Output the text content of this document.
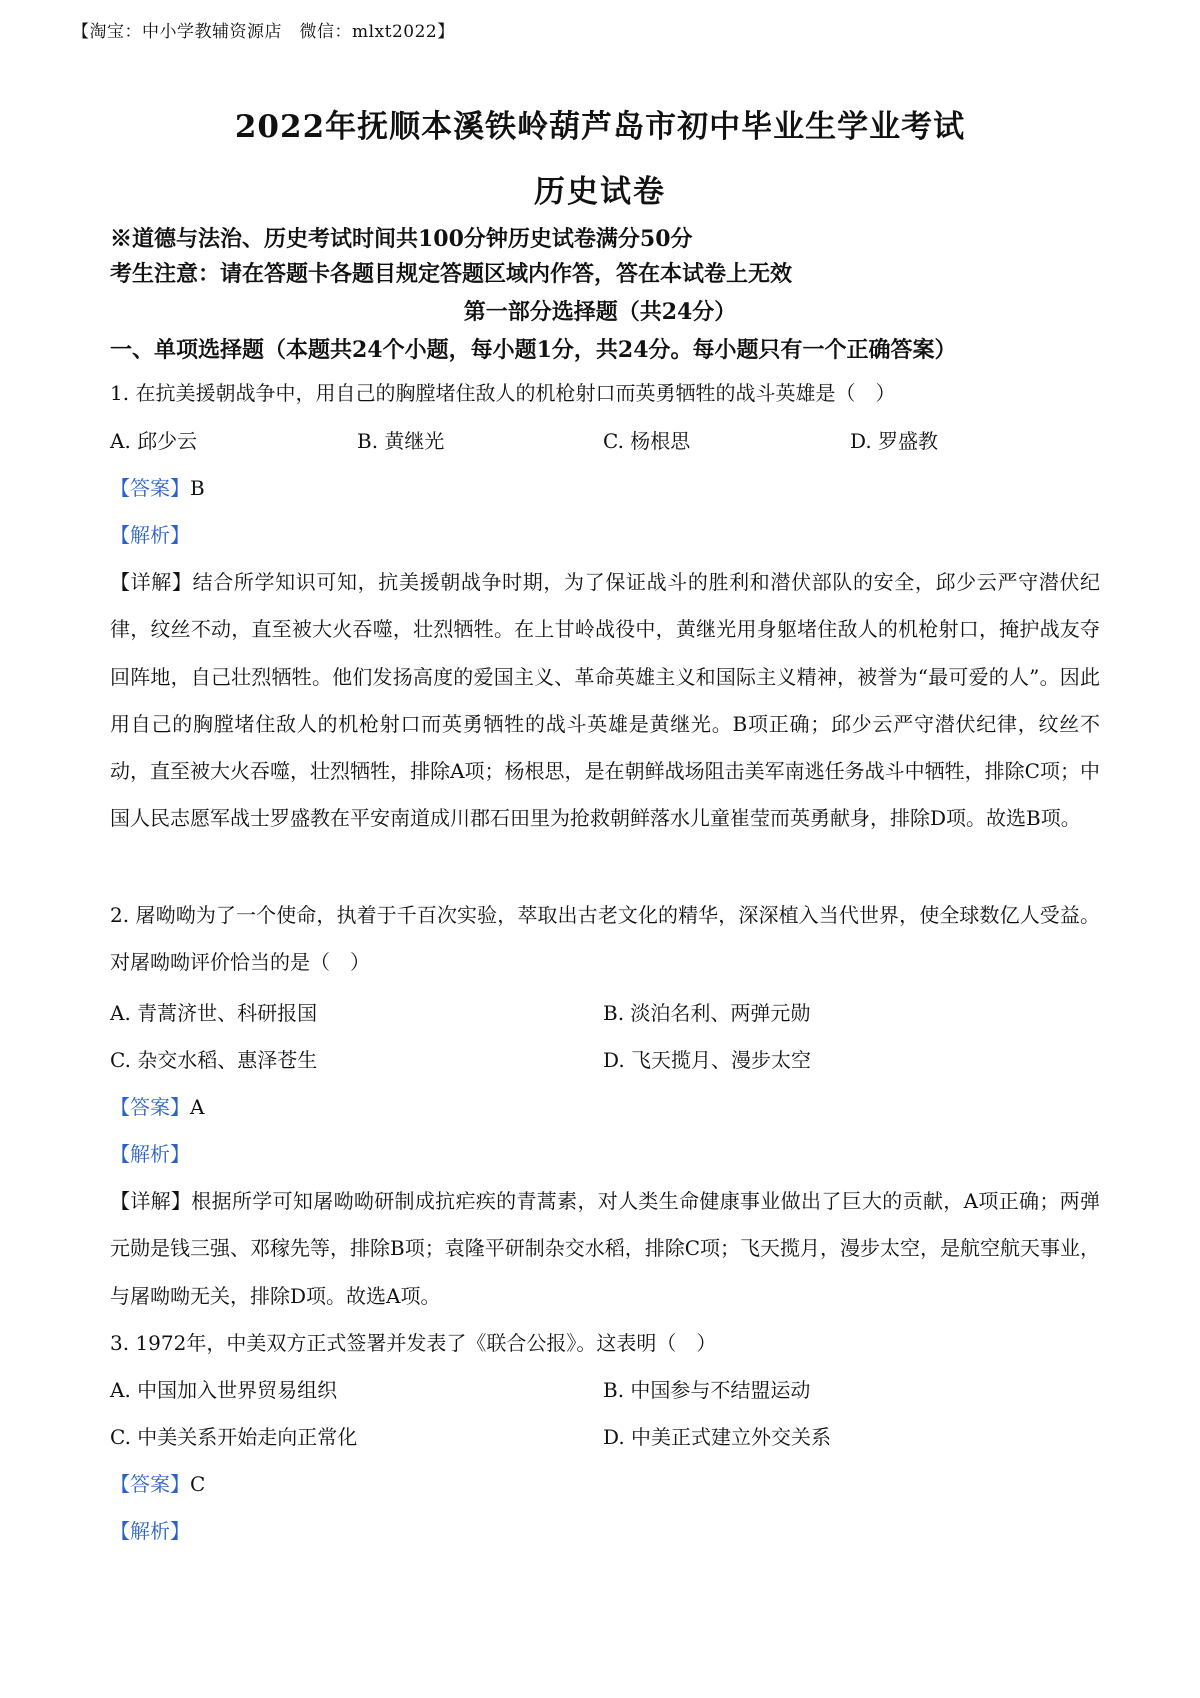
【淘宝：中小学教辅资源店　微信：mlxt2022】
2022年抚顺本溪铁岭葫芦岛市初中毕业生学业考试
历史试卷
※道德与法治、历史考试时间共100分钟历史试卷满分50分
考生注意：请在答题卡各题目规定答题区域内作答，答在本试卷上无效
第一部分选择题（共24分）
一、单项选择题（本题共24个小题，每小题1分，共24分。每小题只有一个正确答案）
1. 在抗美援朝战争中，用自己的胸膛堵住敌人的机枪射口而英勇牺牲的战斗英雄是（　）
A. 邱少云	B. 黄继光	C. 杨根思	D. 罗盛教
【答案】B
【解析】

【详解】结合所学知识可知，抗美援朝战争时期，为了保证战斗的胜利和潜伏部队的安全，邱少云严守潜伏纪律，纹丝不动，直至被大火吞噬，壮烈牺牲。在上甘岭战役中，黄继光用身躯堵住敌人的机枪射口，掩护战友夺回阵地，自己壮烈牺牲。他们发扬高度的爱国主义、革命英雄主义和国际主义精神，被誉为“最可爱的人”。因此用自己的胸膛堵住敌人的机枪射口而英勇牺牲的战斗英雄是黄继光。B项正确；邱少云严守潜伏纪律，纹丝不动，直至被大火吞噬，壮烈牺牲，排除A项；杨根思，是在朝鲜战场阻击美军南逃任务战斗中牺牲，排除C项；中国人民志愿军战士罗盛教在平安南道成川郡石田里为抢救朝鲜落水儿童崔莹而英勇献身，排除D项。故选B项。

2. 屠呦呦为了一个使命，执着于千百次实验，萃取出古老文化的精华，深深植入当代世界，使全球数亿人受益。对屠呦呦评价恰当的是（　）

A. 青蒿济世、科研报国	B. 淡泊名利、两弹元勋
C. 杂交水稻、惠泽苍生	D. 飞天揽月、漫步太空
【答案】A
【解析】

【详解】根据所学可知屠呦呦研制成抗疟疾的青蒿素，对人类生命健康事业做出了巨大的贡献，A项正确；两弹元勋是钱三强、邓稼先等，排除B项；袁隆平研制杂交水稻，排除C项；飞天揽月，漫步太空，是航空航天事业，与屠呦呦无关，排除D项。故选A项。

3. 1972年，中美双方正式签署并发表了《联合公报》。这表明（　）
A. 中国加入世界贸易组织	B. 中国参与不结盟运动
C. 中美关系开始走向正常化	D. 中美正式建立外交关系
【答案】C
【解析】
